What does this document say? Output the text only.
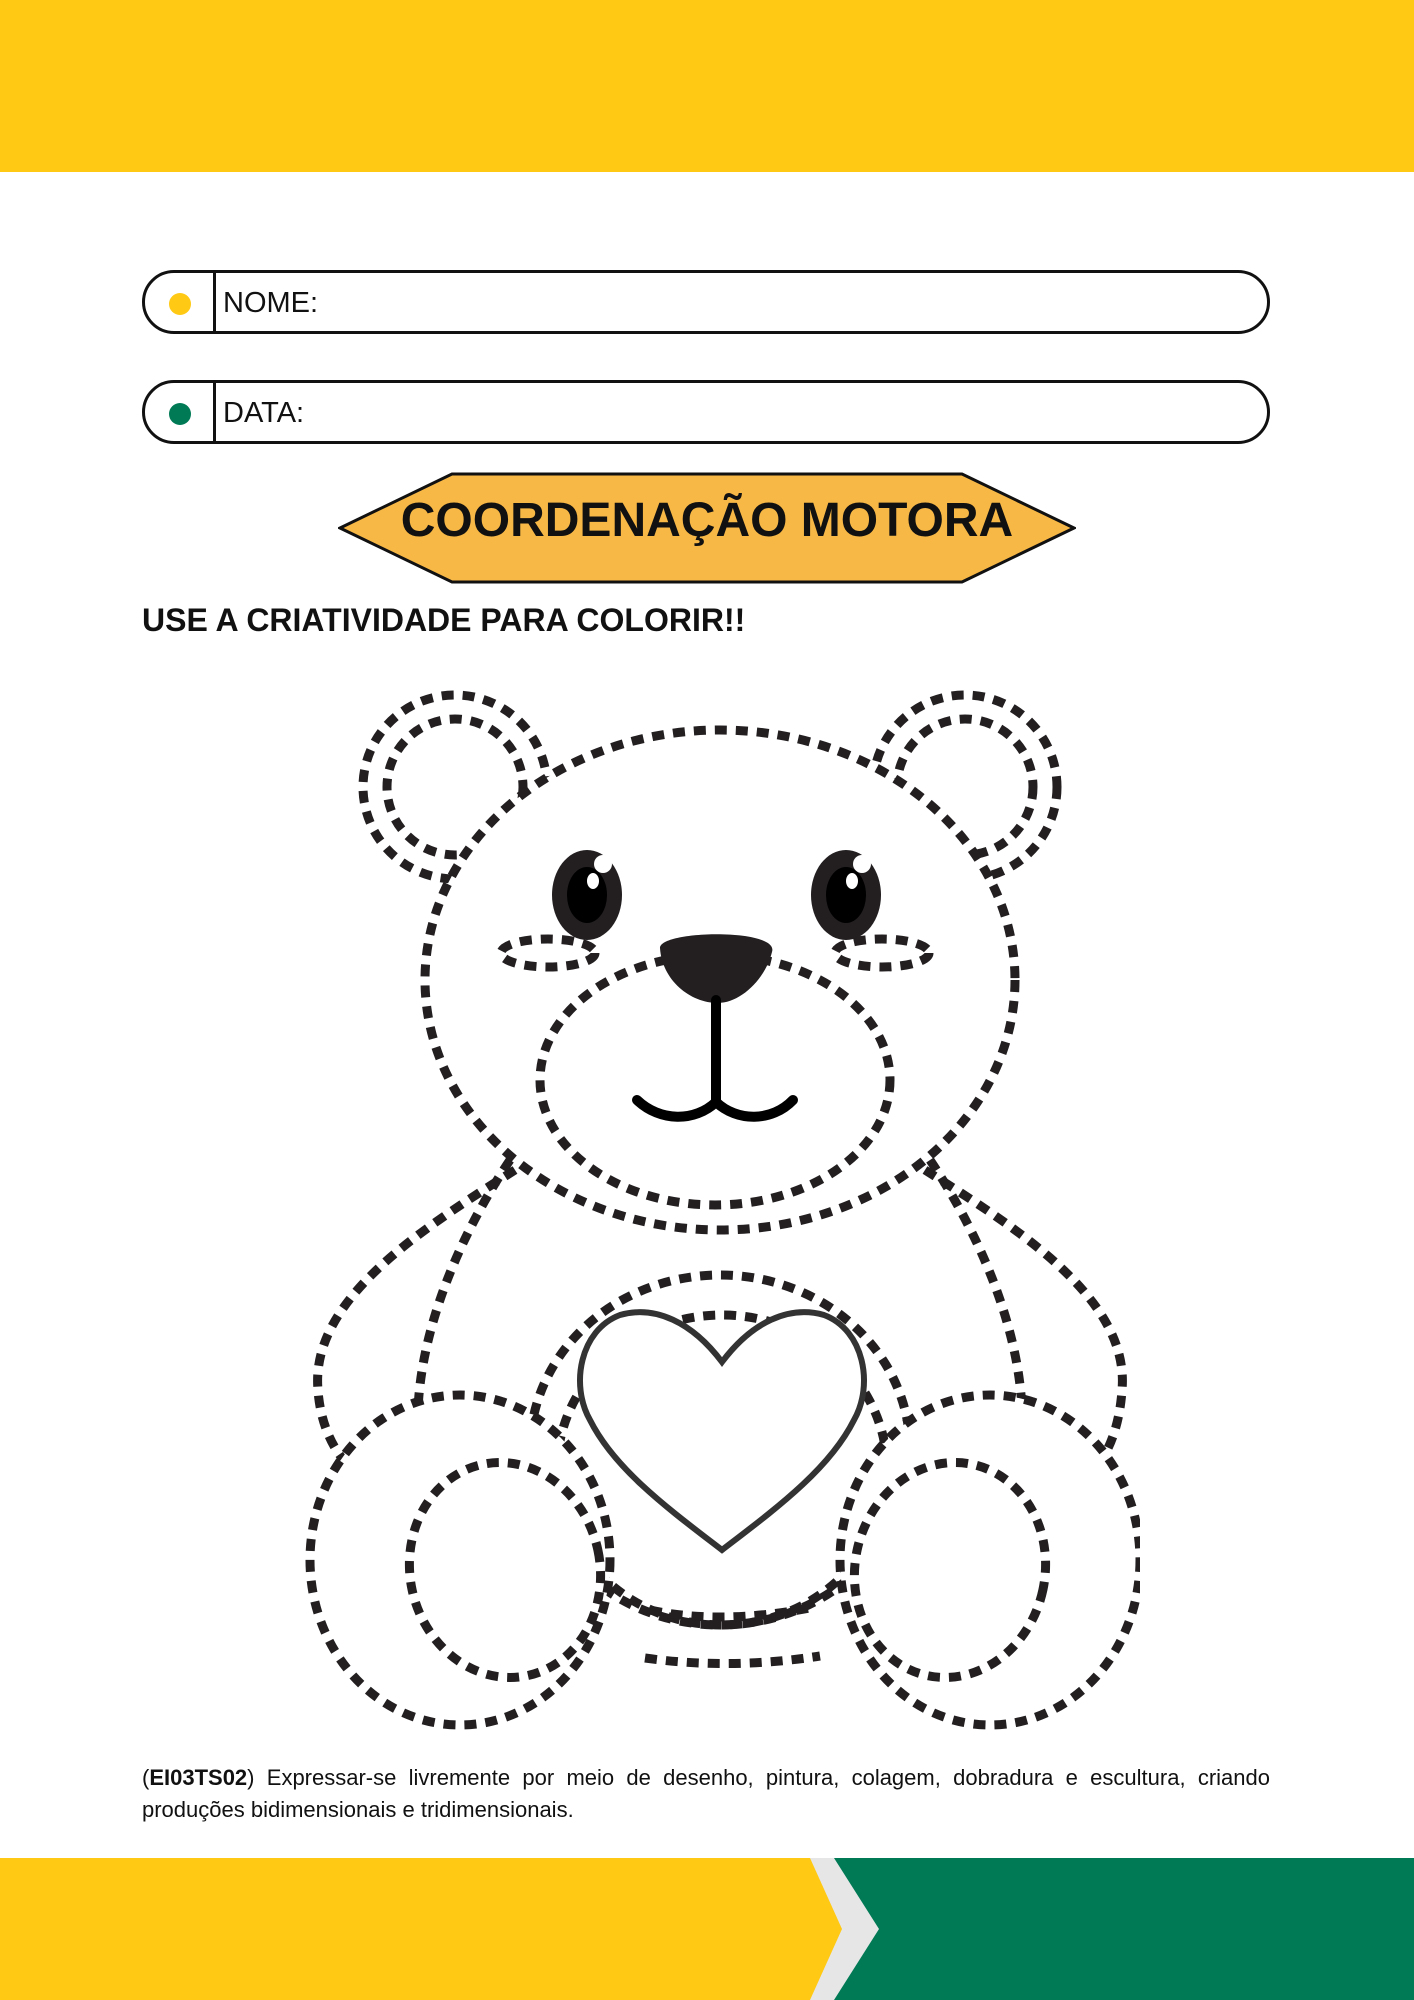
NOME:
DATA:
COORDENAÇÃO MOTORA
USE A CRIATIVIDADE PARA COLORIR!!
(EI03TS02) Expressar-se livremente por meio de desenho, pintura, colagem, dobradura e escultura, criando produções bidimensionais e tridimensionais.
